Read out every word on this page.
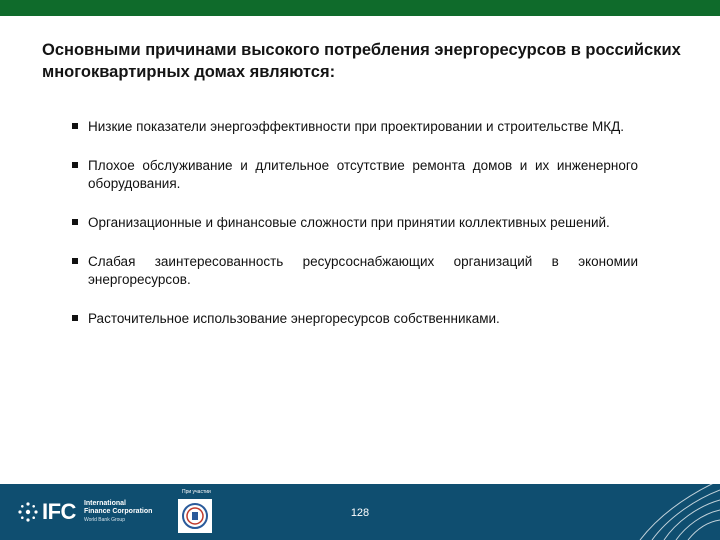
Основными причинами высокого потребления энергоресурсов в российских многоквартирных домах являются:
Низкие показатели энергоэффективности при проектировании и строительстве МКД.
Плохое обслуживание и длительное отсутствие ремонта домов и их инженерного оборудования.
Организационные и финансовые сложности при принятии коллективных решений.
Слабая заинтересованность ресурсоснабжающих организаций в экономии энергоресурсов.
Расточительное использование энергоресурсов собственниками.
IFC International
Finance Corporation
World Bank Group
128
При участии
